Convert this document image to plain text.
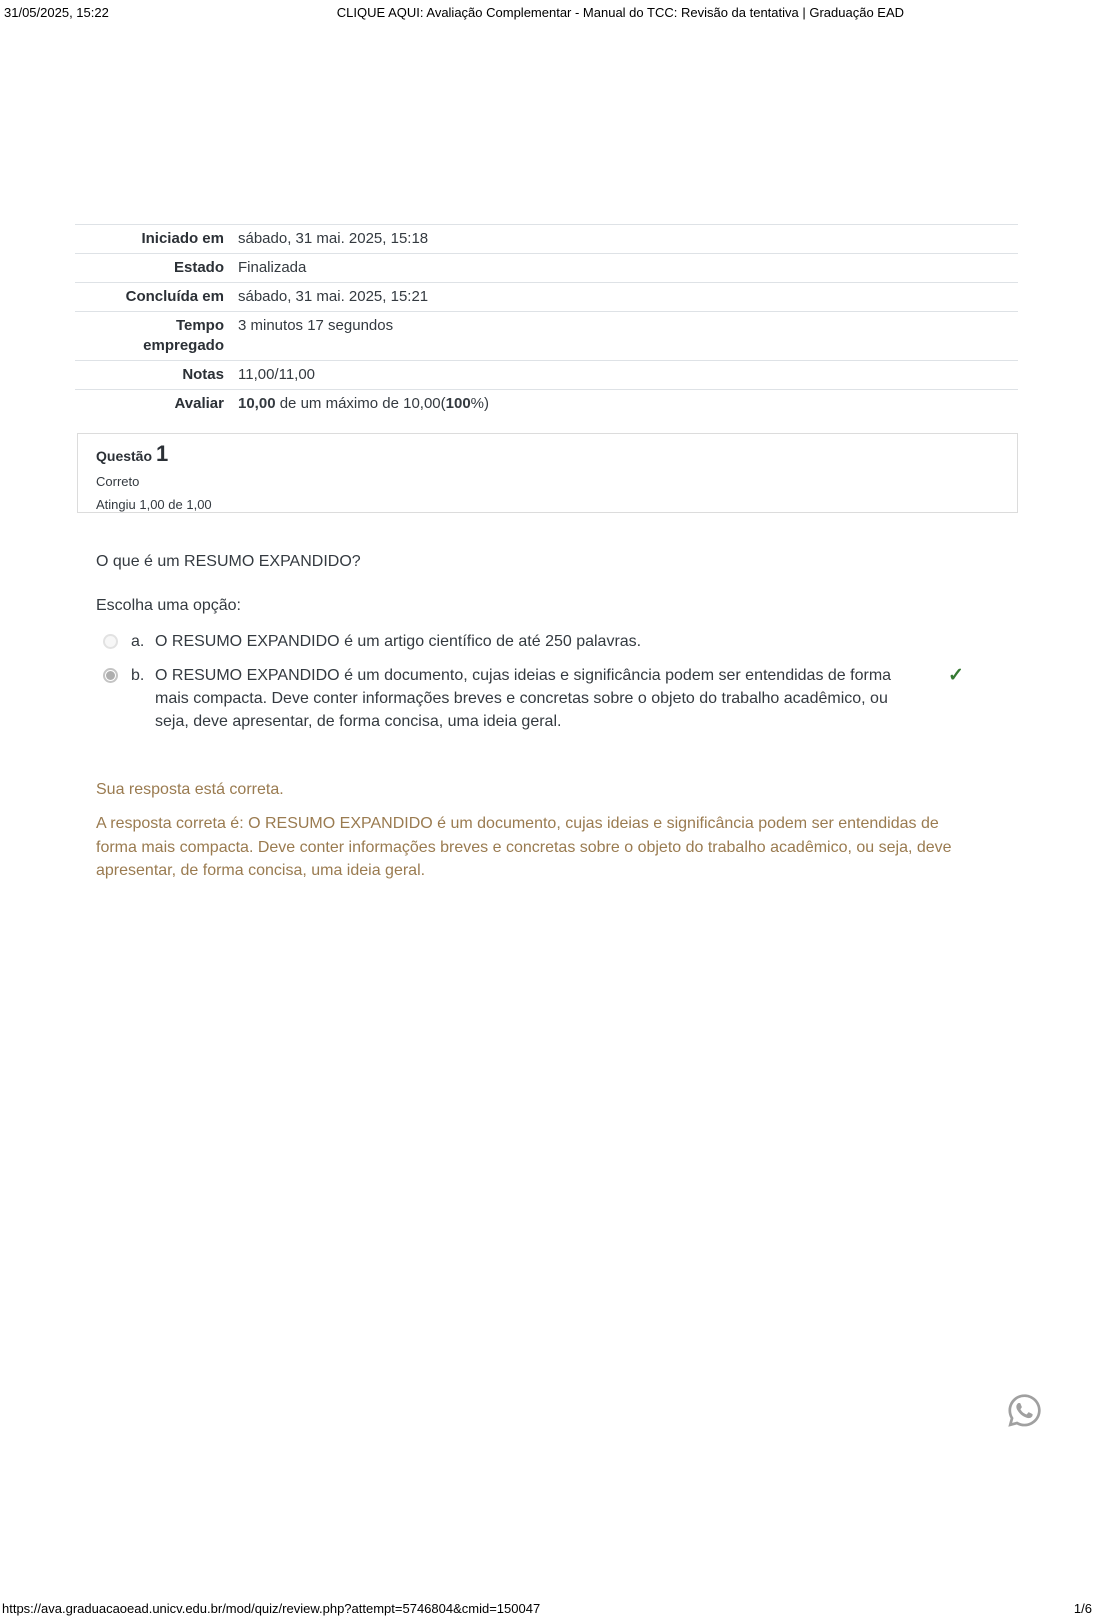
31/05/2025, 15:22	CLIQUE AQUI: Avaliação Complementar - Manual do TCC: Revisão da tentativa | Graduação EAD
Iniciado em sábado, 31 mai. 2025, 15:18
Estado Finalizada
Concluída em sábado, 31 mai. 2025, 15:21
Tempo empregado
3 minutos 17 segundos
Notas 11,00/11,00
Avaliar 10,00 de um máximo de 10,00(100%)
Questão 1
Correto
Atingiu 1,00 de 1,00
O que é um RESUMO EXPANDIDO?
Escolha uma opção:
a. O RESUMO EXPANDIDO é um artigo científico de até 250 palavras.
b. O RESUMO EXPANDIDO é um documento, cujas ideias e significância podem ser entendidas de forma mais compacta. Deve conter informações breves e concretas sobre o objeto do trabalho acadêmico, ou seja, deve apresentar, de forma concisa, uma ideia geral.
✓
Sua resposta está correta.
A resposta correta é: O RESUMO EXPANDIDO é um documento, cujas ideias e significância podem ser entendidas de forma mais compacta. Deve conter informações breves e concretas sobre o objeto do trabalho acadêmico, ou seja, deve apresentar, de forma concisa, uma ideia geral.
https://ava.graduacaoead.unicv.edu.br/mod/quiz/review.php?attempt=5746804&cmid=150047	1/6
